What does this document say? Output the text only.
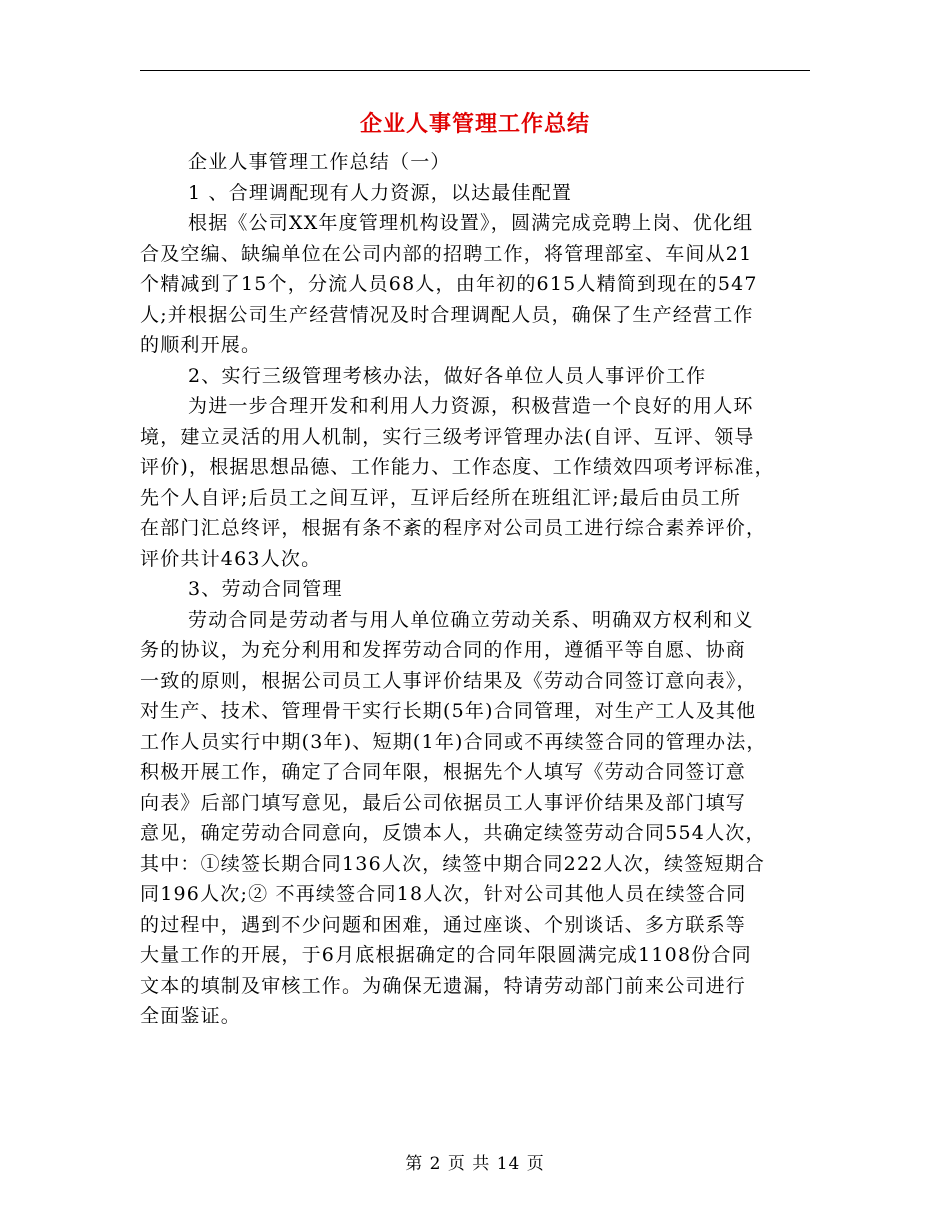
企业人事管理工作总结
企业人事管理工作总结（一）
1 、合理调配现有人力资源，以达最佳配置
根据《公司XX年度管理机构设置》，圆满完成竞聘上岗、优化组
合及空编、缺编单位在公司内部的招聘工作，将管理部室、车间从21
个精减到了15个，分流人员68人，由年初的615人精简到现在的547
人;并根据公司生产经营情况及时合理调配人员，确保了生产经营工作
的顺利开展。
2、实行三级管理考核办法，做好各单位人员人事评价工作
为进一步合理开发和利用人力资源，积极营造一个良好的用人环
境，建立灵活的用人机制，实行三级考评管理办法(自评、互评、领导
评价)，根据思想品德、工作能力、工作态度、工作绩效四项考评标准，
先个人自评;后员工之间互评，互评后经所在班组汇评;最后由员工所
在部门汇总终评，根据有条不紊的程序对公司员工进行综合素养评价，
评价共计463人次。
3、劳动合同管理
劳动合同是劳动者与用人单位确立劳动关系、明确双方权利和义
务的协议，为充分利用和发挥劳动合同的作用，遵循平等自愿、协商
一致的原则，根据公司员工人事评价结果及《劳动合同签订意向表》，
对生产、技术、管理骨干实行长期(5年)合同管理，对生产工人及其他
工作人员实行中期(3年)、短期(1年)合同或不再续签合同的管理办法，
积极开展工作，确定了合同年限，根据先个人填写《劳动合同签订意
向表》后部门填写意见，最后公司依据员工人事评价结果及部门填写
意见，确定劳动合同意向，反馈本人，共确定续签劳动合同554人次，
其中：①续签长期合同136人次，续签中期合同222人次，续签短期合
同196人次;② 不再续签合同18人次，针对公司其他人员在续签合同
的过程中，遇到不少问题和困难，通过座谈、个别谈话、多方联系等
大量工作的开展，于6月底根据确定的合同年限圆满完成1108份合同
文本的填制及审核工作。为确保无遗漏，特请劳动部门前来公司进行
全面鉴证。
第 2 页 共 14 页
